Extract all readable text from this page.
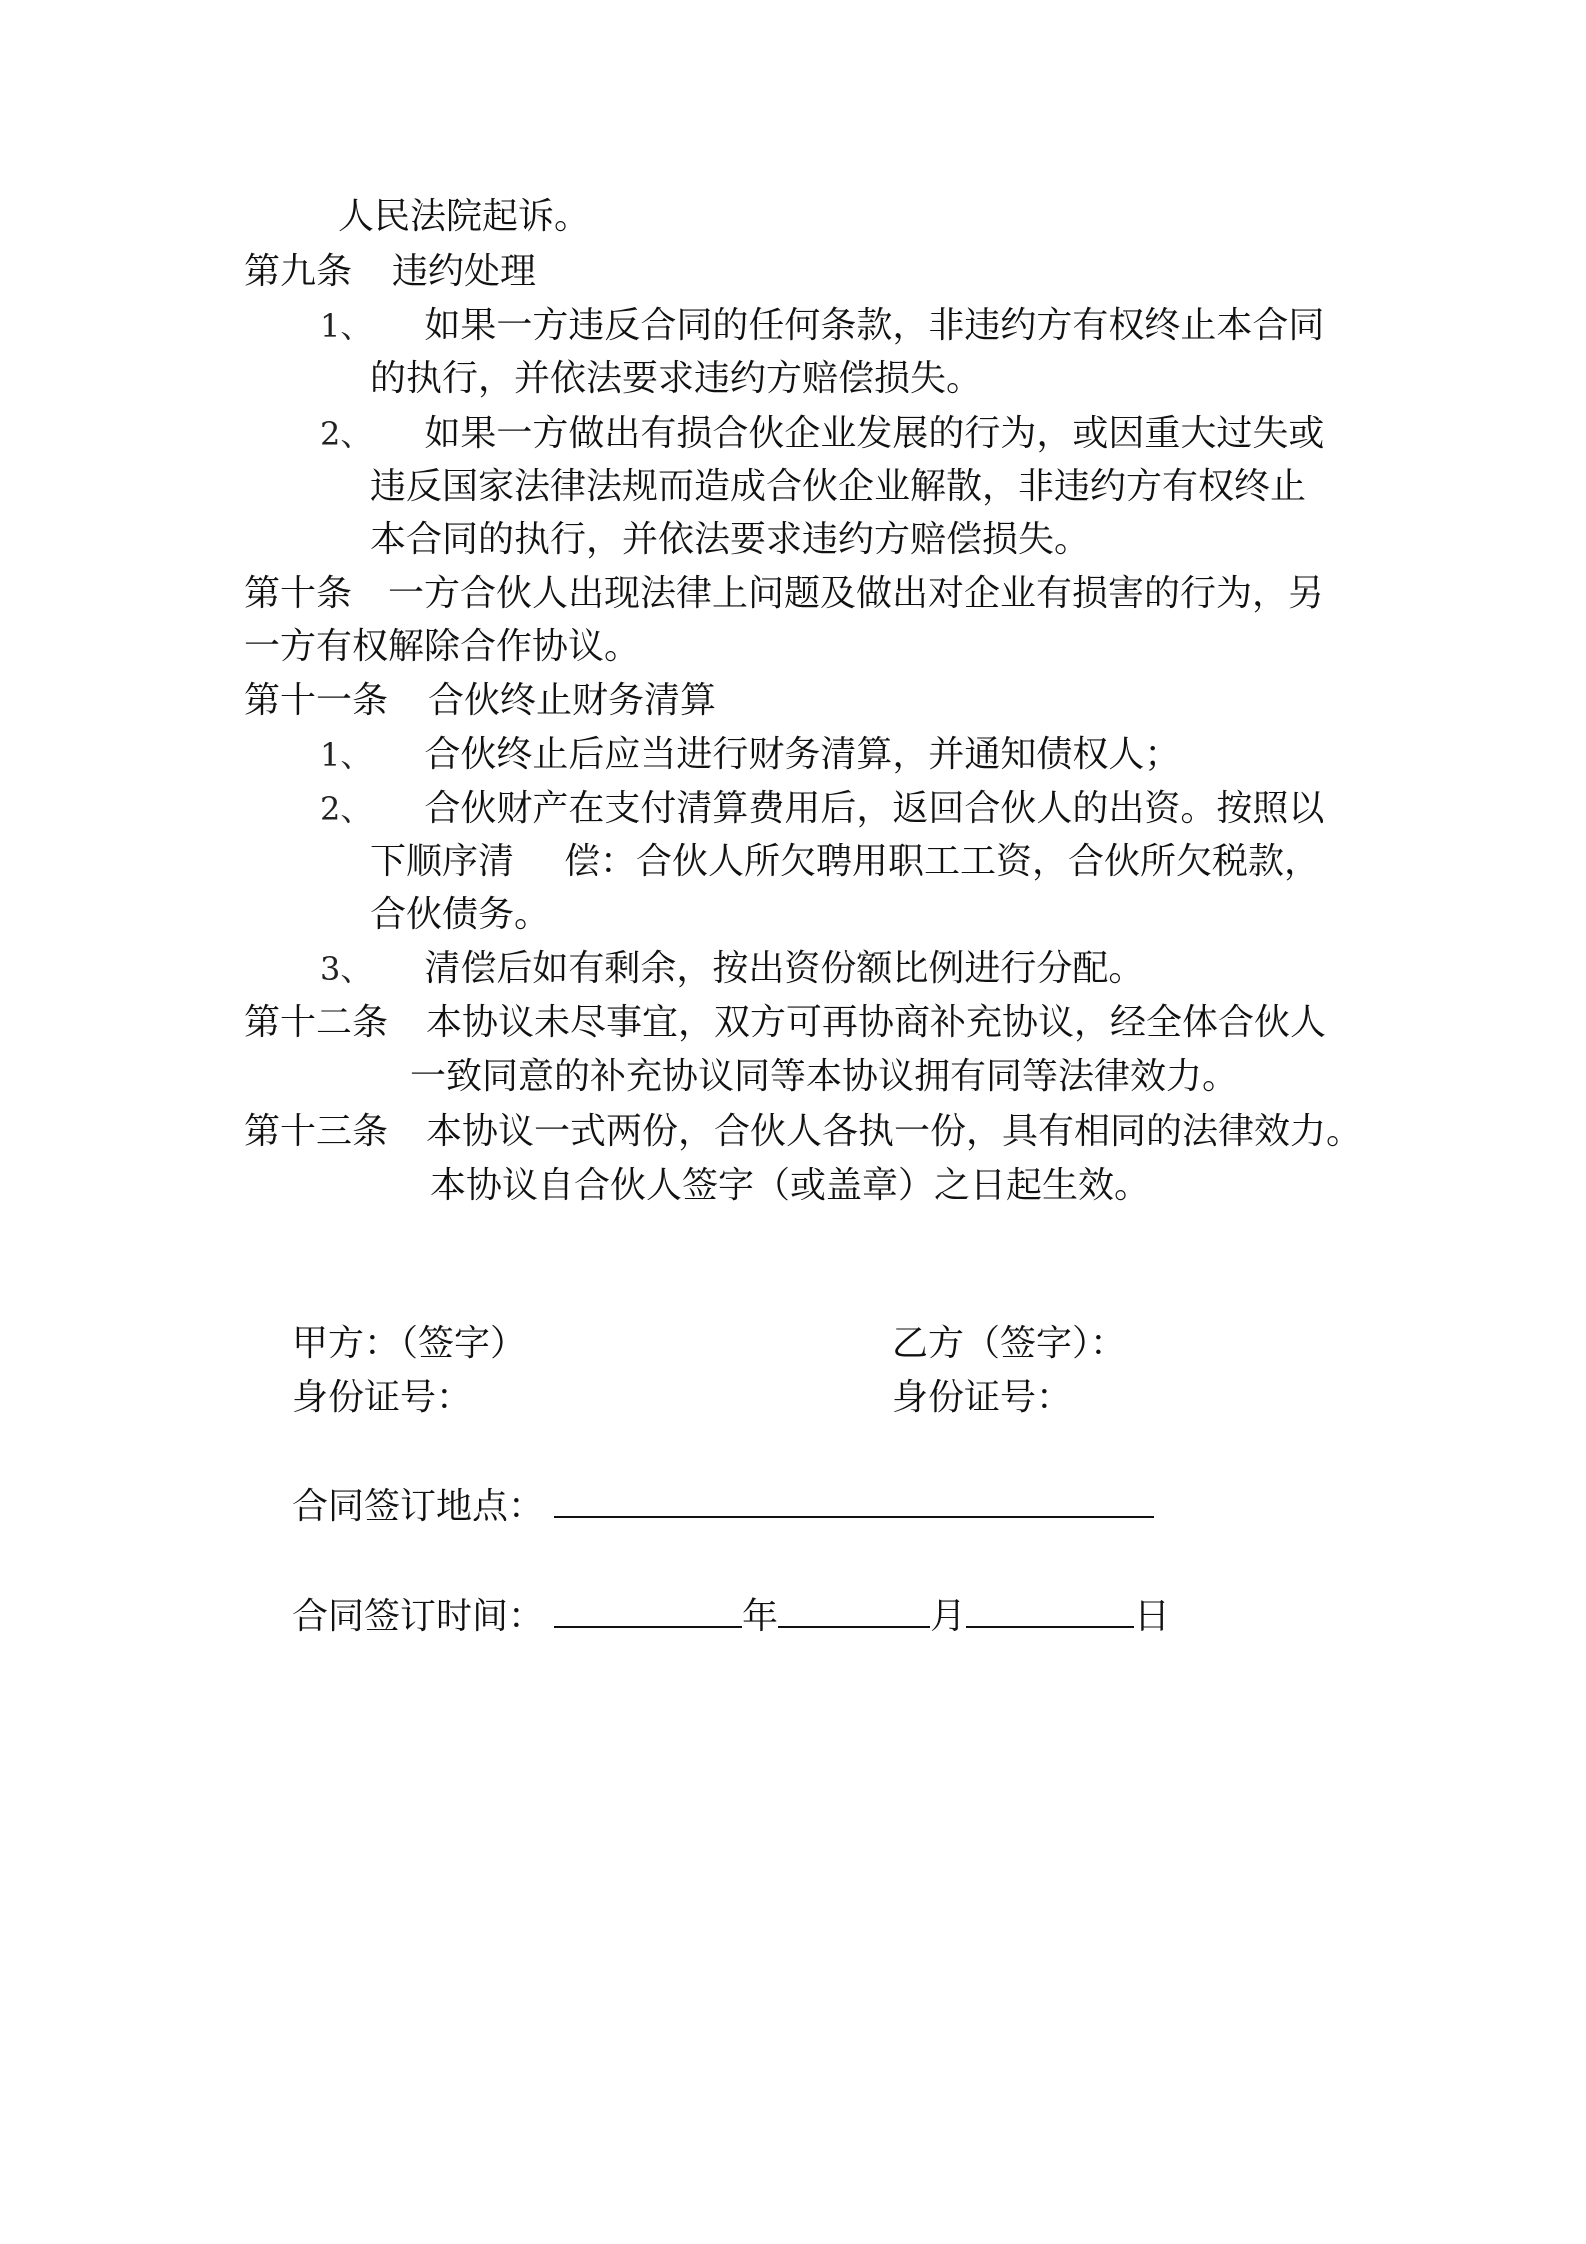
人民法院起诉。
第九条 违约处理
1、 如果一方违反合同的任何条款，非违约方有权终止本合同
的执行，并依法要求违约方赔偿损失。
2、 如果一方做出有损合伙企业发展的行为，或因重大过失或
违反国家法律法规而造成合伙企业解散，非违约方有权终止
本合同的执行，并依法要求违约方赔偿损失。
第十条 一方合伙人出现法律上问题及做出对企业有损害的行为，另
一方有权解除合作协议。
第十一条 合伙终止财务清算
1、 合伙终止后应当进行财务清算，并通知债权人；
2、 合伙财产在支付清算费用后，返回合伙人的出资。按照以
下顺序清 偿：合伙人所欠聘用职工工资，合伙所欠税款，
合伙债务。
3、 清偿后如有剩余，按出资份额比例进行分配。
第十二条 本协议未尽事宜，双方可再协商补充协议，经全体合伙人
一致同意的补充协议同等本协议拥有同等法律效力。
第十三条 本协议一式两份，合伙人各执一份，具有相同的法律效力。
本协议自合伙人签字（或盖章）之日起生效。
甲方：（签字）	乙方（签字）：
身份证号：	身份证号：
合同签订地点：
合同签订时间：	年	月	日
